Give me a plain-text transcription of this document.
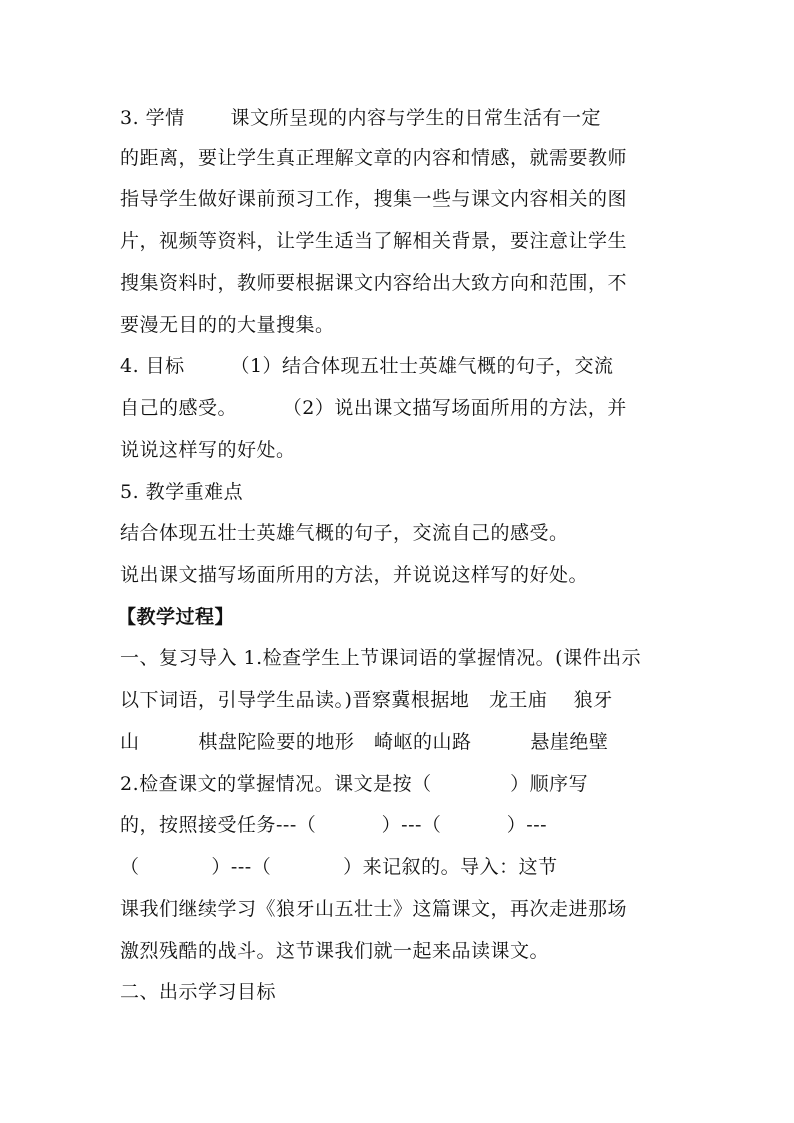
3. 学情       课文所呈现的内容与学生的日常生活有一定
的距离，要让学生真正理解文章的内容和情感，就需要教师
指导学生做好课前预习工作，搜集一些与课文内容相关的图
片，视频等资料，让学生适当了解相关背景，要注意让学生
搜集资料时，教师要根据课文内容给出大致方向和范围，不
要漫无目的的大量搜集。
4. 目标       （1）结合体现五壮士英雄气概的句子，交流
自己的感受。       （2）说出课文描写场面所用的方法，并
说说这样写的好处。
5. 教学重难点
结合体现五壮士英雄气概的句子，交流自己的感受。
说出课文描写场面所用的方法，并说说这样写的好处。
【教学过程】
一、复习导入 1.检查学生上节课词语的掌握情况。(课件出示
以下词语，引导学生品读。)晋察冀根据地   龙王庙    狼牙
山         棋盘陀险要的地形   崎岖的山路         悬崖绝壁
2.检查课文的掌握情况。课文是按（            ）顺序写
的，按照接受任务---（          ）---（          ）---
（           ）---（           ）来记叙的。导入：这节
课我们继续学习《狼牙山五壮士》这篇课文，再次走进那场
激烈残酷的战斗。这节课我们就一起来品读课文。
二、出示学习目标
